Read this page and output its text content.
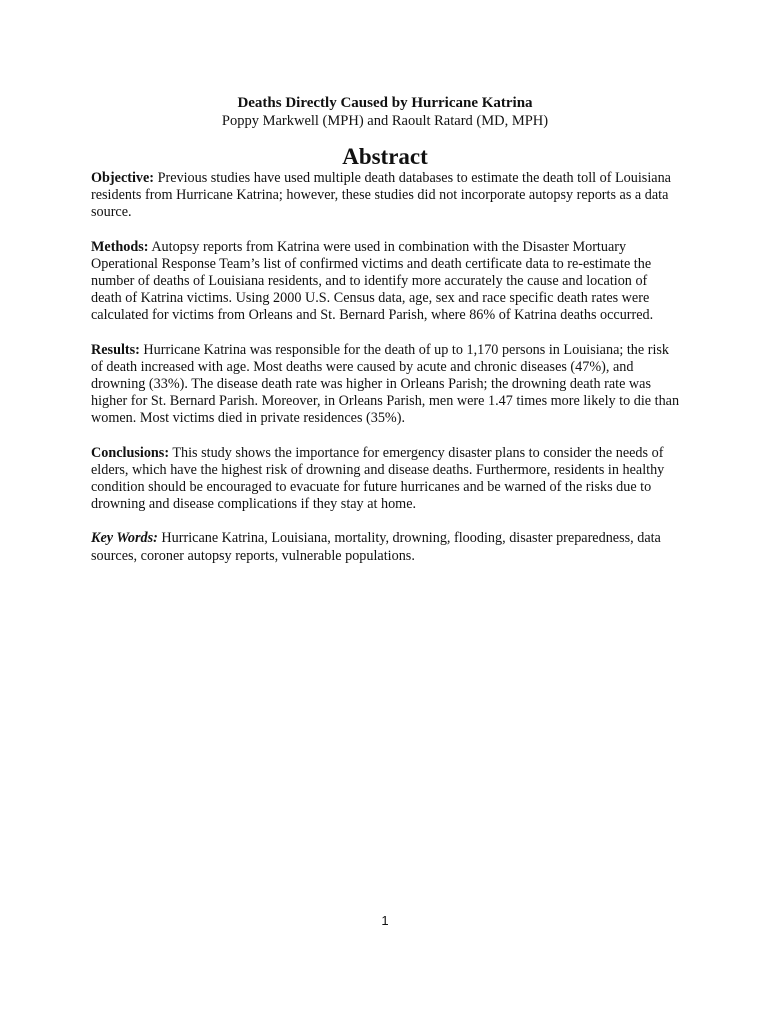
Deaths Directly Caused by Hurricane Katrina
Poppy Markwell (MPH) and Raoult Ratard (MD, MPH)
Abstract

Objective: Previous studies have used multiple death databases to estimate the death toll of Louisiana residents from Hurricane Katrina; however, these studies did not incorporate autopsy reports as a data source.

Methods: Autopsy reports from Katrina were used in combination with the Disaster Mortuary Operational Response Team’s list of confirmed victims and death certificate data to re-estimate the number of deaths of Louisiana residents, and to identify more accurately the cause and location of death of Katrina victims. Using 2000 U.S. Census data, age, sex and race specific death rates were calculated for victims from Orleans and St. Bernard Parish, where 86% of Katrina deaths occurred.

Results: Hurricane Katrina was responsible for the death of up to 1,170 persons in Louisiana; the risk of death increased with age. Most deaths were caused by acute and chronic diseases (47%), and drowning (33%). The disease death rate was higher in Orleans Parish; the drowning death rate was higher for St. Bernard Parish. Moreover, in Orleans Parish, men were 1.47 times more likely to die than women. Most victims died in private residences (35%).

Conclusions: This study shows the importance for emergency disaster plans to consider the needs of elders, which have the highest risk of drowning and disease deaths. Furthermore, residents in healthy condition should be encouraged to evacuate for future hurricanes and be warned of the risks due to drowning and disease complications if they stay at home.

Key Words: Hurricane Katrina, Louisiana, mortality, drowning, flooding, disaster preparedness, data sources, coroner autopsy reports, vulnerable populations.

1
